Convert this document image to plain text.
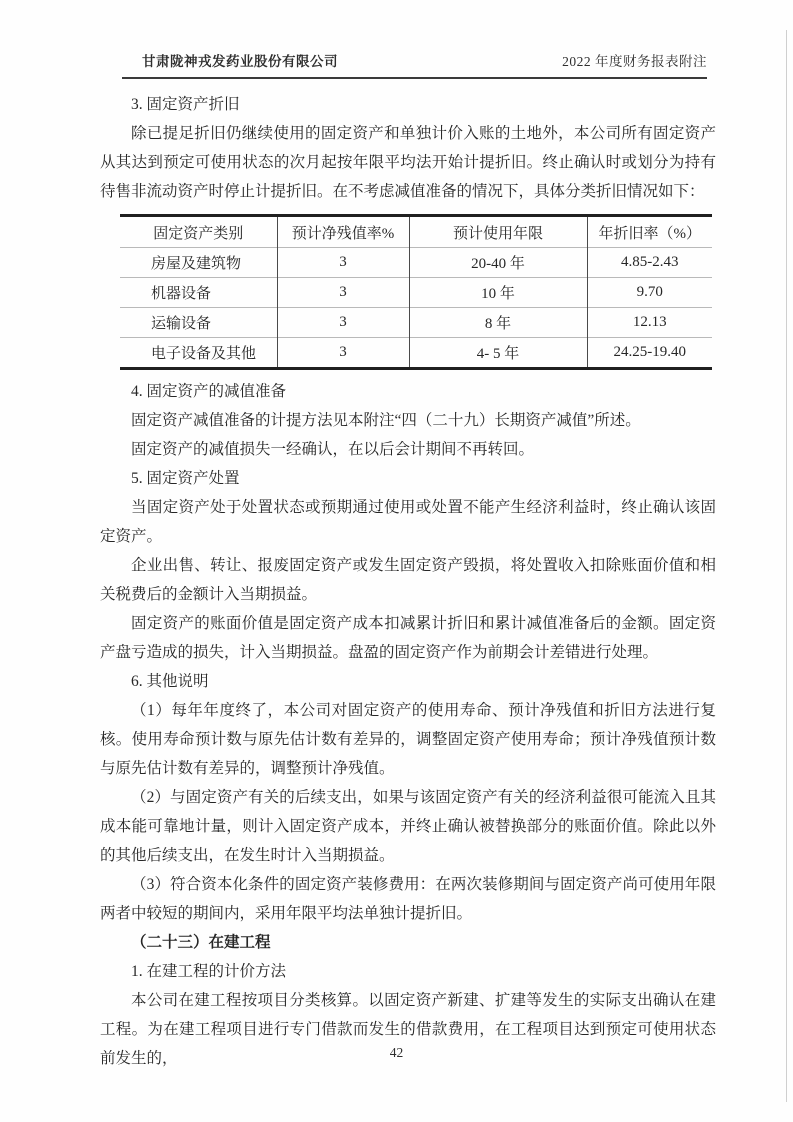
甘肃陇神戎发药业股份有限公司	2022 年度财务报表附注

3. 固定资产折旧

除已提足折旧仍继续使用的固定资产和单独计价入账的土地外，本公司所有固定资产从其达到预定可使用状态的次月起按年限平均法开始计提折旧。终止确认时或划分为持有待售非流动资产时停止计提折旧。在不考虑减值准备的情况下，具体分类折旧情况如下：

固定资产类别	预计净残值率%	预计使用年限	年折旧率（%）
房屋及建筑物	3	20-40 年	4.85-2.43
机器设备	3	10 年	9.70
运输设备	3	8 年	12.13
电子设备及其他	3	4- 5 年	24.25-19.40

4. 固定资产的减值准备

固定资产减值准备的计提方法见本附注“四（二十九）长期资产减值”所述。

固定资产的减值损失一经确认，在以后会计期间不再转回。

5. 固定资产处置

当固定资产处于处置状态或预期通过使用或处置不能产生经济利益时，终止确认该固定资产。

企业出售、转让、报废固定资产或发生固定资产毁损，将处置收入扣除账面价值和相关税费后的金额计入当期损益。

固定资产的账面价值是固定资产成本扣减累计折旧和累计减值准备后的金额。固定资产盘亏造成的损失，计入当期损益。盘盈的固定资产作为前期会计差错进行处理。

6. 其他说明

（1）每年年度终了，本公司对固定资产的使用寿命、预计净残值和折旧方法进行复核。使用寿命预计数与原先估计数有差异的，调整固定资产使用寿命；预计净残值预计数与原先估计数有差异的，调整预计净残值。

（2）与固定资产有关的后续支出，如果与该固定资产有关的经济利益很可能流入且其成本能可靠地计量，则计入固定资产成本，并终止确认被替换部分的账面价值。除此以外的其他后续支出，在发生时计入当期损益。

（3）符合资本化条件的固定资产装修费用：在两次装修期间与固定资产尚可使用年限两者中较短的期间内，采用年限平均法单独计提折旧。

（二十三）在建工程

1. 在建工程的计价方法

本公司在建工程按项目分类核算。以固定资产新建、扩建等发生的实际支出确认在建工程。为在建工程项目进行专门借款而发生的借款费用，在工程项目达到预定可使用状态前发生的，	42
